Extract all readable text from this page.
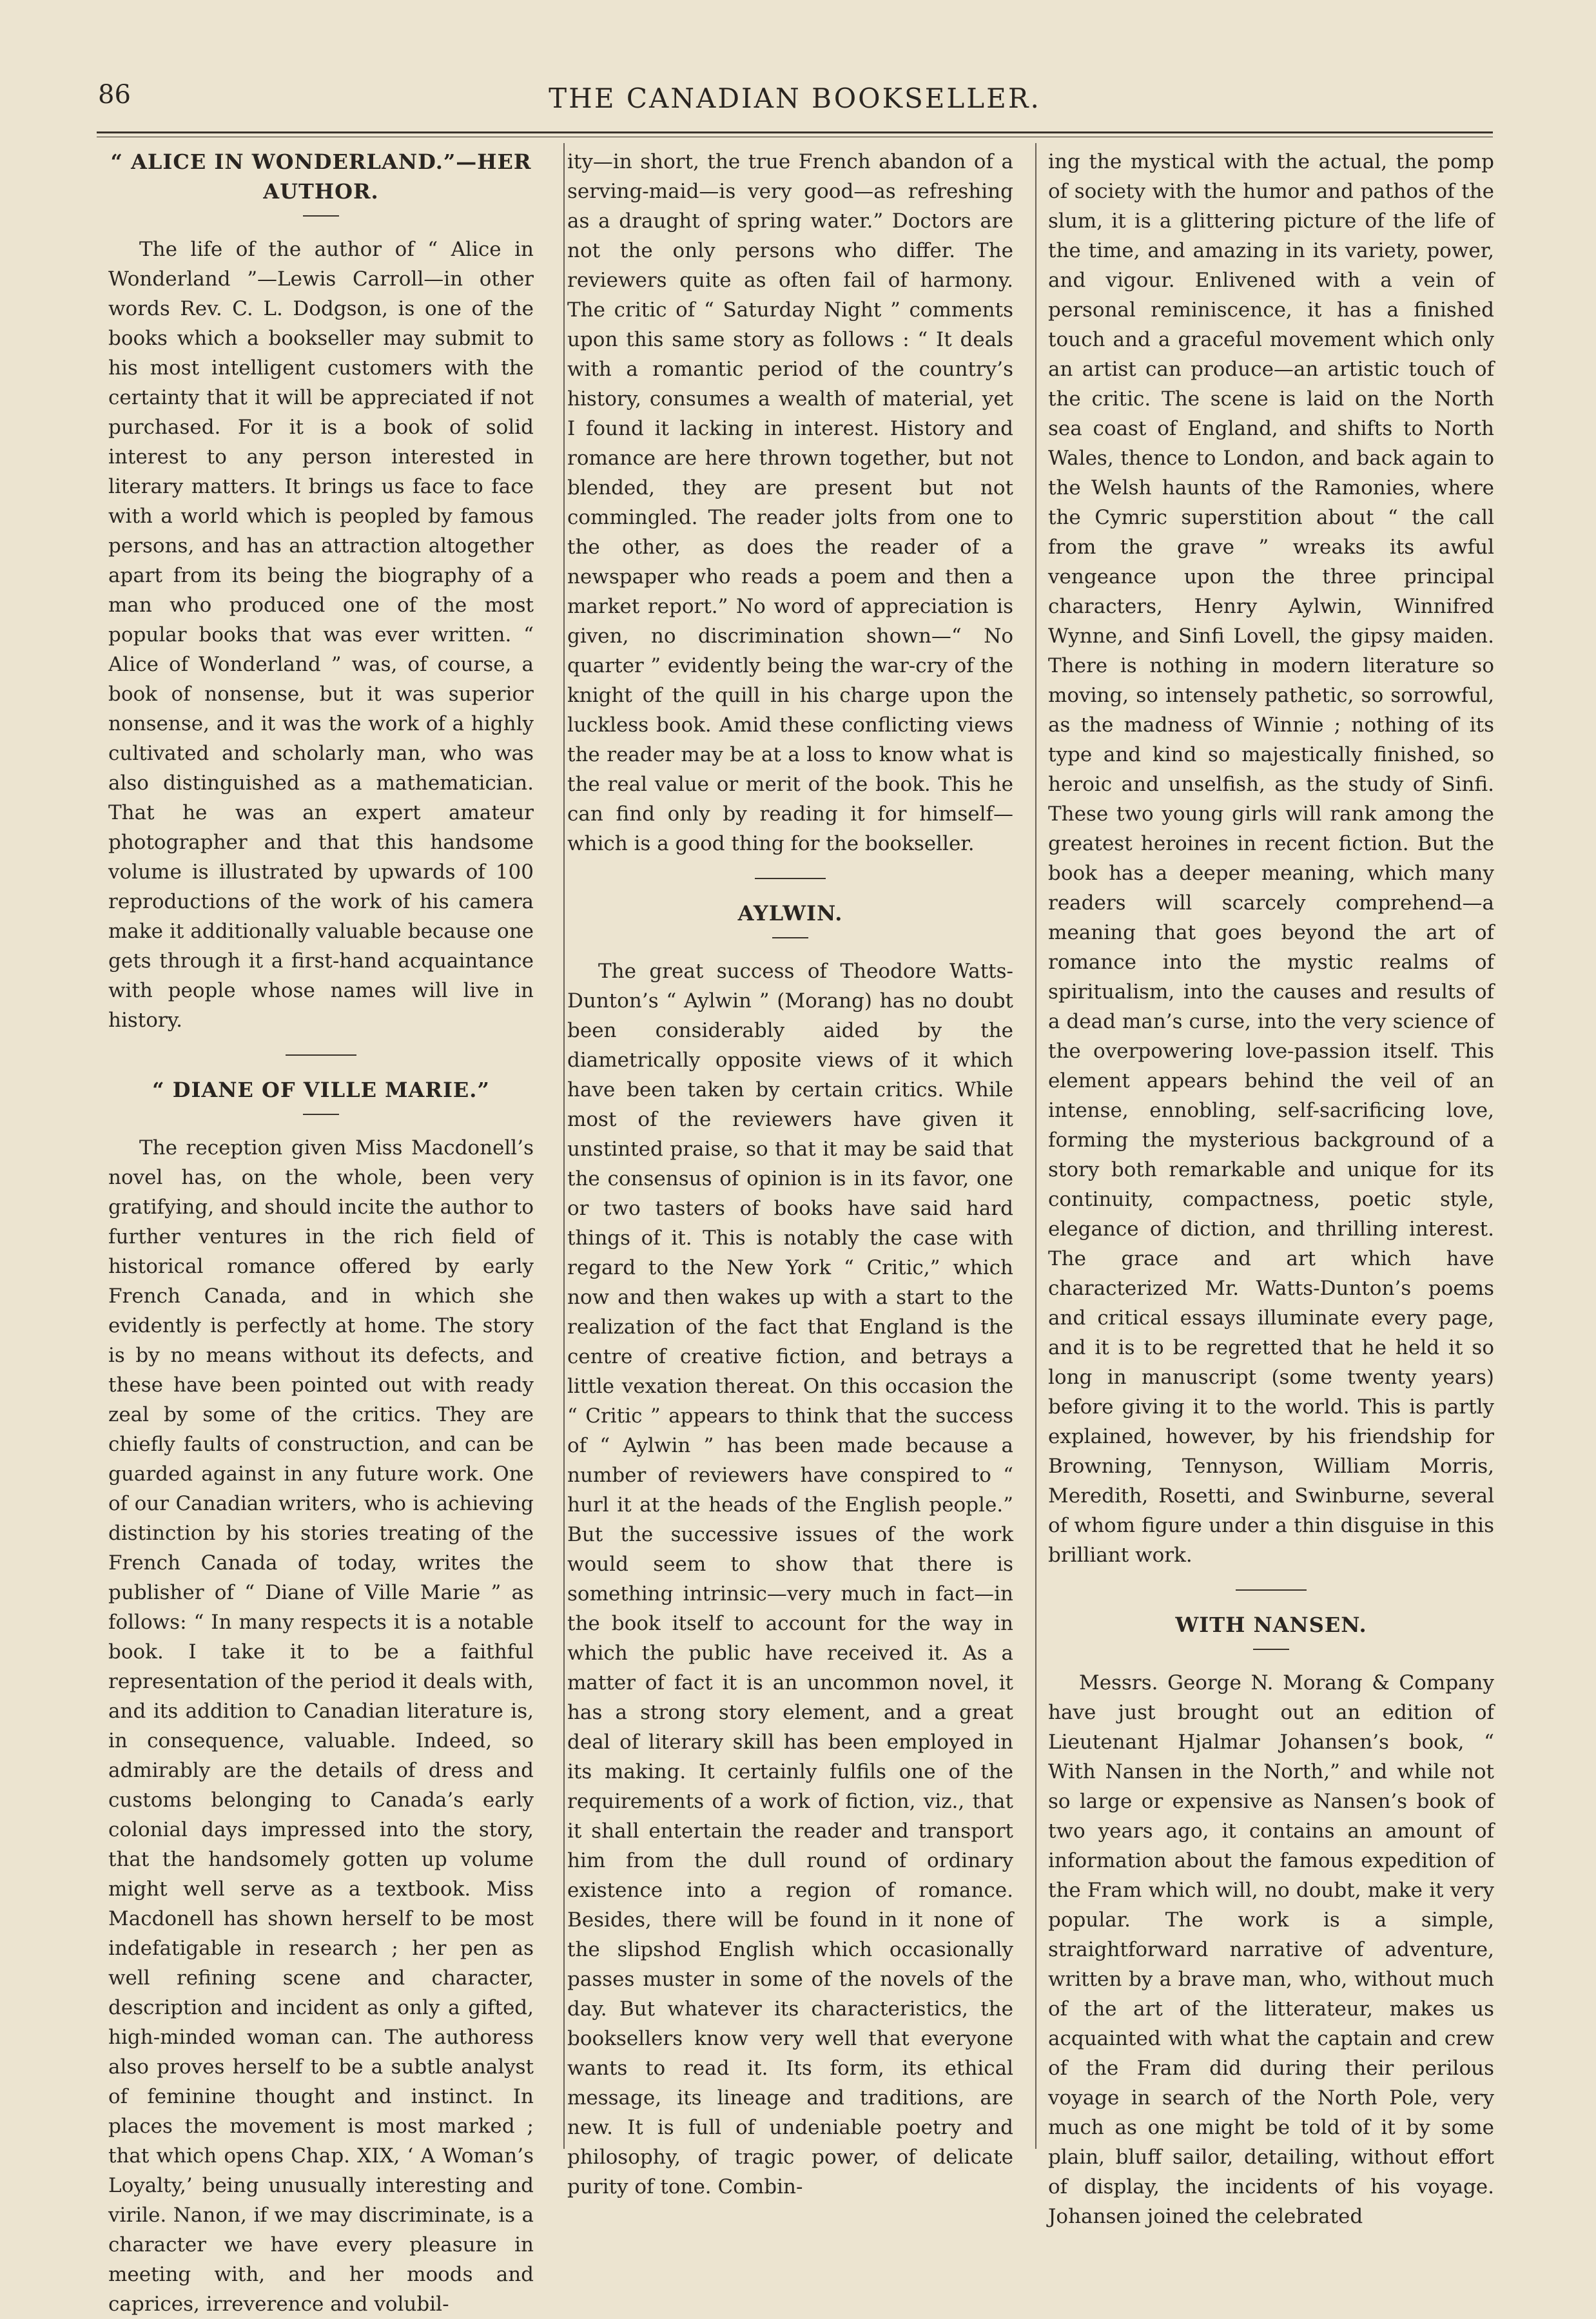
86	THE CANADIAN BOOKSELLER.
“ ALICE IN WONDERLAND.”—HER AUTHOR.

The life of the author of “ Alice in Wonderland ”—Lewis Carroll—in other words Rev. C. L. Dodgson, is one of the books which a bookseller may submit to his most intelligent customers with the certainty that it will be appreciated if not purchased. For it is a book of solid interest to any person interested in literary matters. It brings us face to face with a world which is peopled by famous persons, and has an attraction altogether apart from its being the biography of a man who produced one of the most popular books that was ever written. “ Alice of Wonderland ” was, of course, a book of nonsense, but it was superior nonsense, and it was the work of a highly cultivated and scholarly man, who was also distinguished as a mathematician. That he was an expert amateur photographer and that this handsome volume is illustrated by upwards of 100 reproductions of the work of his camera make it additionally valuable because one gets through it a first-hand acquaintance with people whose names will live in history.

“ DIANE OF VILLE MARIE.”

The reception given Miss Macdonell’s novel has, on the whole, been very gratifying, and should incite the author to further ventures in the rich field of historical romance offered by early French Canada, and in which she evidently is perfectly at home. The story is by no means without its defects, and these have been pointed out with ready zeal by some of the critics. They are chiefly faults of construction, and can be guarded against in any future work. One of our Canadian writers, who is achieving distinction by his stories treating of the French Canada of today, writes the publisher of “ Diane of Ville Marie ” as follows: “ In many respects it is a notable book. I take it to be a faithful representation of the period it deals with, and its addition to Canadian literature is, in consequence, valuable. Indeed, so admirably are the details of dress and customs belonging to Canada’s early colonial days impressed into the story, that the handsomely gotten up volume might well serve as a textbook. Miss Macdonell has shown herself to be most indefatigable in research ; her pen as well refining scene and character, description and incident as only a gifted, high-minded woman can. The authoress also proves herself to be a subtle analyst of feminine thought and instinct. In places the movement is most marked ; that which opens Chap. XIX, ‘ A Woman’s Loyalty,’ being unusually interesting and virile. Nanon, if we may discriminate, is a character we have every pleasure in meeting with, and her moods and caprices, irreverence and volubil-

ity—in short, the true French abandon of a serving-maid—is very good—as refreshing as a draught of spring water.” Doctors are not the only persons who differ. The reviewers quite as often fail of harmony. The critic of “ Saturday Night ” comments upon this same story as follows : “ It deals with a romantic period of the country’s history, consumes a wealth of material, yet I found it lacking in interest. History and romance are here thrown together, but not blended, they are present but not commingled. The reader jolts from one to the other, as does the reader of a newspaper who reads a poem and then a market report.” No word of appreciation is given, no discrimination shown—“ No quarter ” evidently being the war-cry of the knight of the quill in his charge upon the luckless book. Amid these conflicting views the reader may be at a loss to know what is the real value or merit of the book. This he can find only by reading it for himself—which is a good thing for the bookseller.

AYLWIN.

The great success of Theodore Watts-Dunton’s “ Aylwin ” (Morang) has no doubt been considerably aided by the diametrically opposite views of it which have been taken by certain critics. While most of the reviewers have given it unstinted praise, so that it may be said that the consensus of opinion is in its favor, one or two tasters of books have said hard things of it. This is notably the case with regard to the New York “ Critic,” which now and then wakes up with a start to the realization of the fact that England is the centre of creative fiction, and betrays a little vexation thereat. On this occasion the “ Critic ” appears to think that the success of “ Aylwin ” has been made because a number of reviewers have conspired to “ hurl it at the heads of the English people.” But the successive issues of the work would seem to show that there is something intrinsic—very much in fact—in the book itself to account for the way in which the public have received it. As a matter of fact it is an uncommon novel, it has a strong story element, and a great deal of literary skill has been employed in its making. It certainly fulfils one of the requirements of a work of fiction, viz., that it shall entertain the reader and transport him from the dull round of ordinary existence into a region of romance. Besides, there will be found in it none of the slipshod English which occasionally passes muster in some of the novels of the day. But whatever its characteristics, the booksellers know very well that everyone wants to read it. Its form, its ethical message, its lineage and traditions, are new. It is full of undeniable poetry and philosophy, of tragic power, of delicate purity of tone. Combin-

ing the mystical with the actual, the pomp of society with the humor and pathos of the slum, it is a glittering picture of the life of the time, and amazing in its variety, power, and vigour. Enlivened with a vein of personal reminiscence, it has a finished touch and a graceful movement which only an artist can produce—an artistic touch of the critic. The scene is laid on the North sea coast of England, and shifts to North Wales, thence to London, and back again to the Welsh haunts of the Ramonies, where the Cymric superstition about “ the call from the grave ” wreaks its awful vengeance upon the three principal characters, Henry Aylwin, Winnifred Wynne, and Sinfi Lovell, the gipsy maiden. There is nothing in modern literature so moving, so intensely pathetic, so sorrowful, as the madness of Winnie ; nothing of its type and kind so majestically finished, so heroic and unselfish, as the study of Sinfi. These two young girls will rank among the greatest heroines in recent fiction. But the book has a deeper meaning, which many readers will scarcely comprehend—a meaning that goes beyond the art of romance into the mystic realms of spiritualism, into the causes and results of a dead man’s curse, into the very science of the overpowering love-passion itself. This element appears behind the veil of an intense, ennobling, self-sacrificing love, forming the mysterious background of a story both remarkable and unique for its continuity, compactness, poetic style, elegance of diction, and thrilling interest. The grace and art which have characterized Mr. Watts-Dunton’s poems and critical essays illuminate every page, and it is to be regretted that he held it so long in manuscript (some twenty years) before giving it to the world. This is partly explained, however, by his friendship for Browning, Tennyson, William Morris, Meredith, Rosetti, and Swinburne, several of whom figure under a thin disguise in this brilliant work.

WITH NANSEN.

Messrs. George N. Morang & Company have just brought out an edition of Lieutenant Hjalmar Johansen’s book, “ With Nansen in the North,” and while not so large or expensive as Nansen’s book of two years ago, it contains an amount of information about the famous expedition of the Fram which will, no doubt, make it very popular. The work is a simple, straightforward narrative of adventure, written by a brave man, who, without much of the art of the litterateur, makes us acquainted with what the captain and crew of the Fram did during their perilous voyage in search of the North Pole, very much as one might be told of it by some plain, bluff sailor, detailing, without effort of display, the incidents of his voyage. Johansen joined the celebrated
